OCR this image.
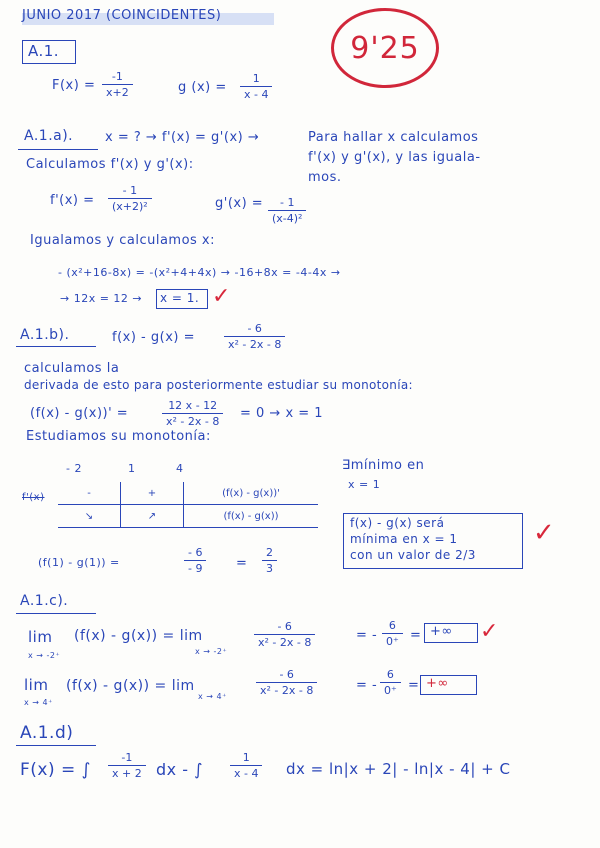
JUNIO 2017 (COINCIDENTES)
9'25
A.1.
F(x) =
-1
x+2	g (x) =
1
x - 4
A.1.a). x = ? → f'(x) = g'(x) →	Para hallar x calculamos
f'(x) y g'(x), y las iguala-
mos.
Calculamos f'(x) y g'(x):
f'(x) =
- 1
(x+2)²	g'(x) =	- 1
(x-4)²
Igualamos y calculamos x:
- (x²+16-8x) = -(x²+4+4x) → -16+8x = -4-4x →
→ 12x = 12 → x = 1. ✓
A.1.b).	f(x) - g(x) =
- 6
x² - 2x - 8
calculamos la
derivada de esto para posteriormente estudiar su monotonía:
(f(x) - g(x))' =
12 x - 12
x² - 2x - 8
= 0 → x = 1
Estudiamos su monotonía:
- 2	1	4
f'(x)	-	+	(f(x) - g(x))'
↘	↗	(f(x) - g(x))
∃mínimo en
x = 1
f(x) - g(x) será
mínima en x = 1
con un valor de 2/3
✓
(f(1) - g(1)) =
- 6
- 9	=
2
3
A.1.c).
lim
x → -2⁺
(f(x) - g(x)) = lim
x → -2⁺
- 6
x² - 2x - 8	= -
6
0⁺ = +∞ ✓
lim
x → 4⁺
(f(x) - g(x)) = lim
x → 4⁺
- 6
x² - 2x - 8	= -
6
0⁺ = +∞
A.1.d)
F(x) = ∫
-1
x + 2 dx - ∫
1
x - 4 dx = ln|x + 2| - ln|x - 4| + C
